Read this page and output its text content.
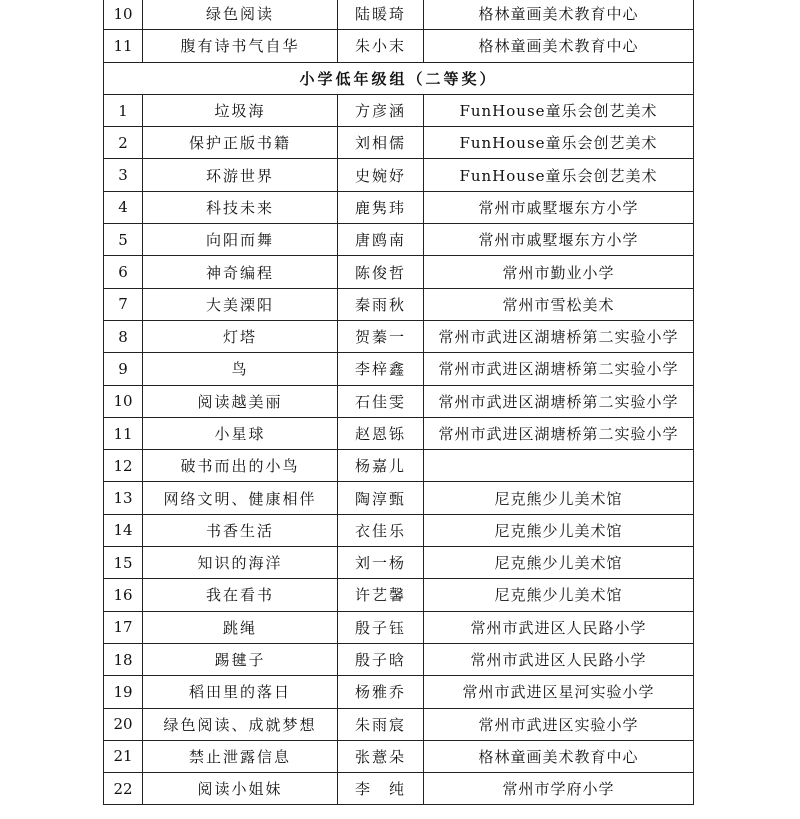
10	绿色阅读	陆暖琦	格林童画美术教育中心
11	腹有诗书气自华	朱小末	格林童画美术教育中心
小学低年级组（二等奖）			
1	垃圾海	方彦涵	FunHouse童乐会创艺美术
2	保护正版书籍	刘相儒	FunHouse童乐会创艺美术
3	环游世界	史婉妤	FunHouse童乐会创艺美术
4	科技未来	鹿隽玮	常州市戚墅堰东方小学
5	向阳而舞	唐鸥南	常州市戚墅堰东方小学
6	神奇编程	陈俊哲	常州市勤业小学
7	大美溧阳	秦雨秋	常州市雪松美术
8	灯塔	贺蓁一	常州市武进区湖塘桥第二实验小学
9	鸟	李梓鑫	常州市武进区湖塘桥第二实验小学
10	阅读越美丽	石佳雯	常州市武进区湖塘桥第二实验小学
11	小星球	赵恩铄	常州市武进区湖塘桥第二实验小学
12	破书而出的小鸟	杨嘉儿	
13	网络文明、健康相伴	陶淳甄	尼克熊少儿美术馆
14	书香生活	衣佳乐	尼克熊少儿美术馆
15	知识的海洋	刘一杨	尼克熊少儿美术馆
16	我在看书	许艺馨	尼克熊少儿美术馆
17	跳绳	殷子钰	常州市武进区人民路小学
18	踢毽子	殷子晗	常州市武进区人民路小学
19	稻田里的落日	杨雅乔	常州市武进区星河实验小学
20	绿色阅读、成就梦想	朱雨宸	常州市武进区实验小学
21	禁止泄露信息	张薏朵	格林童画美术教育中心
22	阅读小姐妹	李　纯	常州市学府小学
